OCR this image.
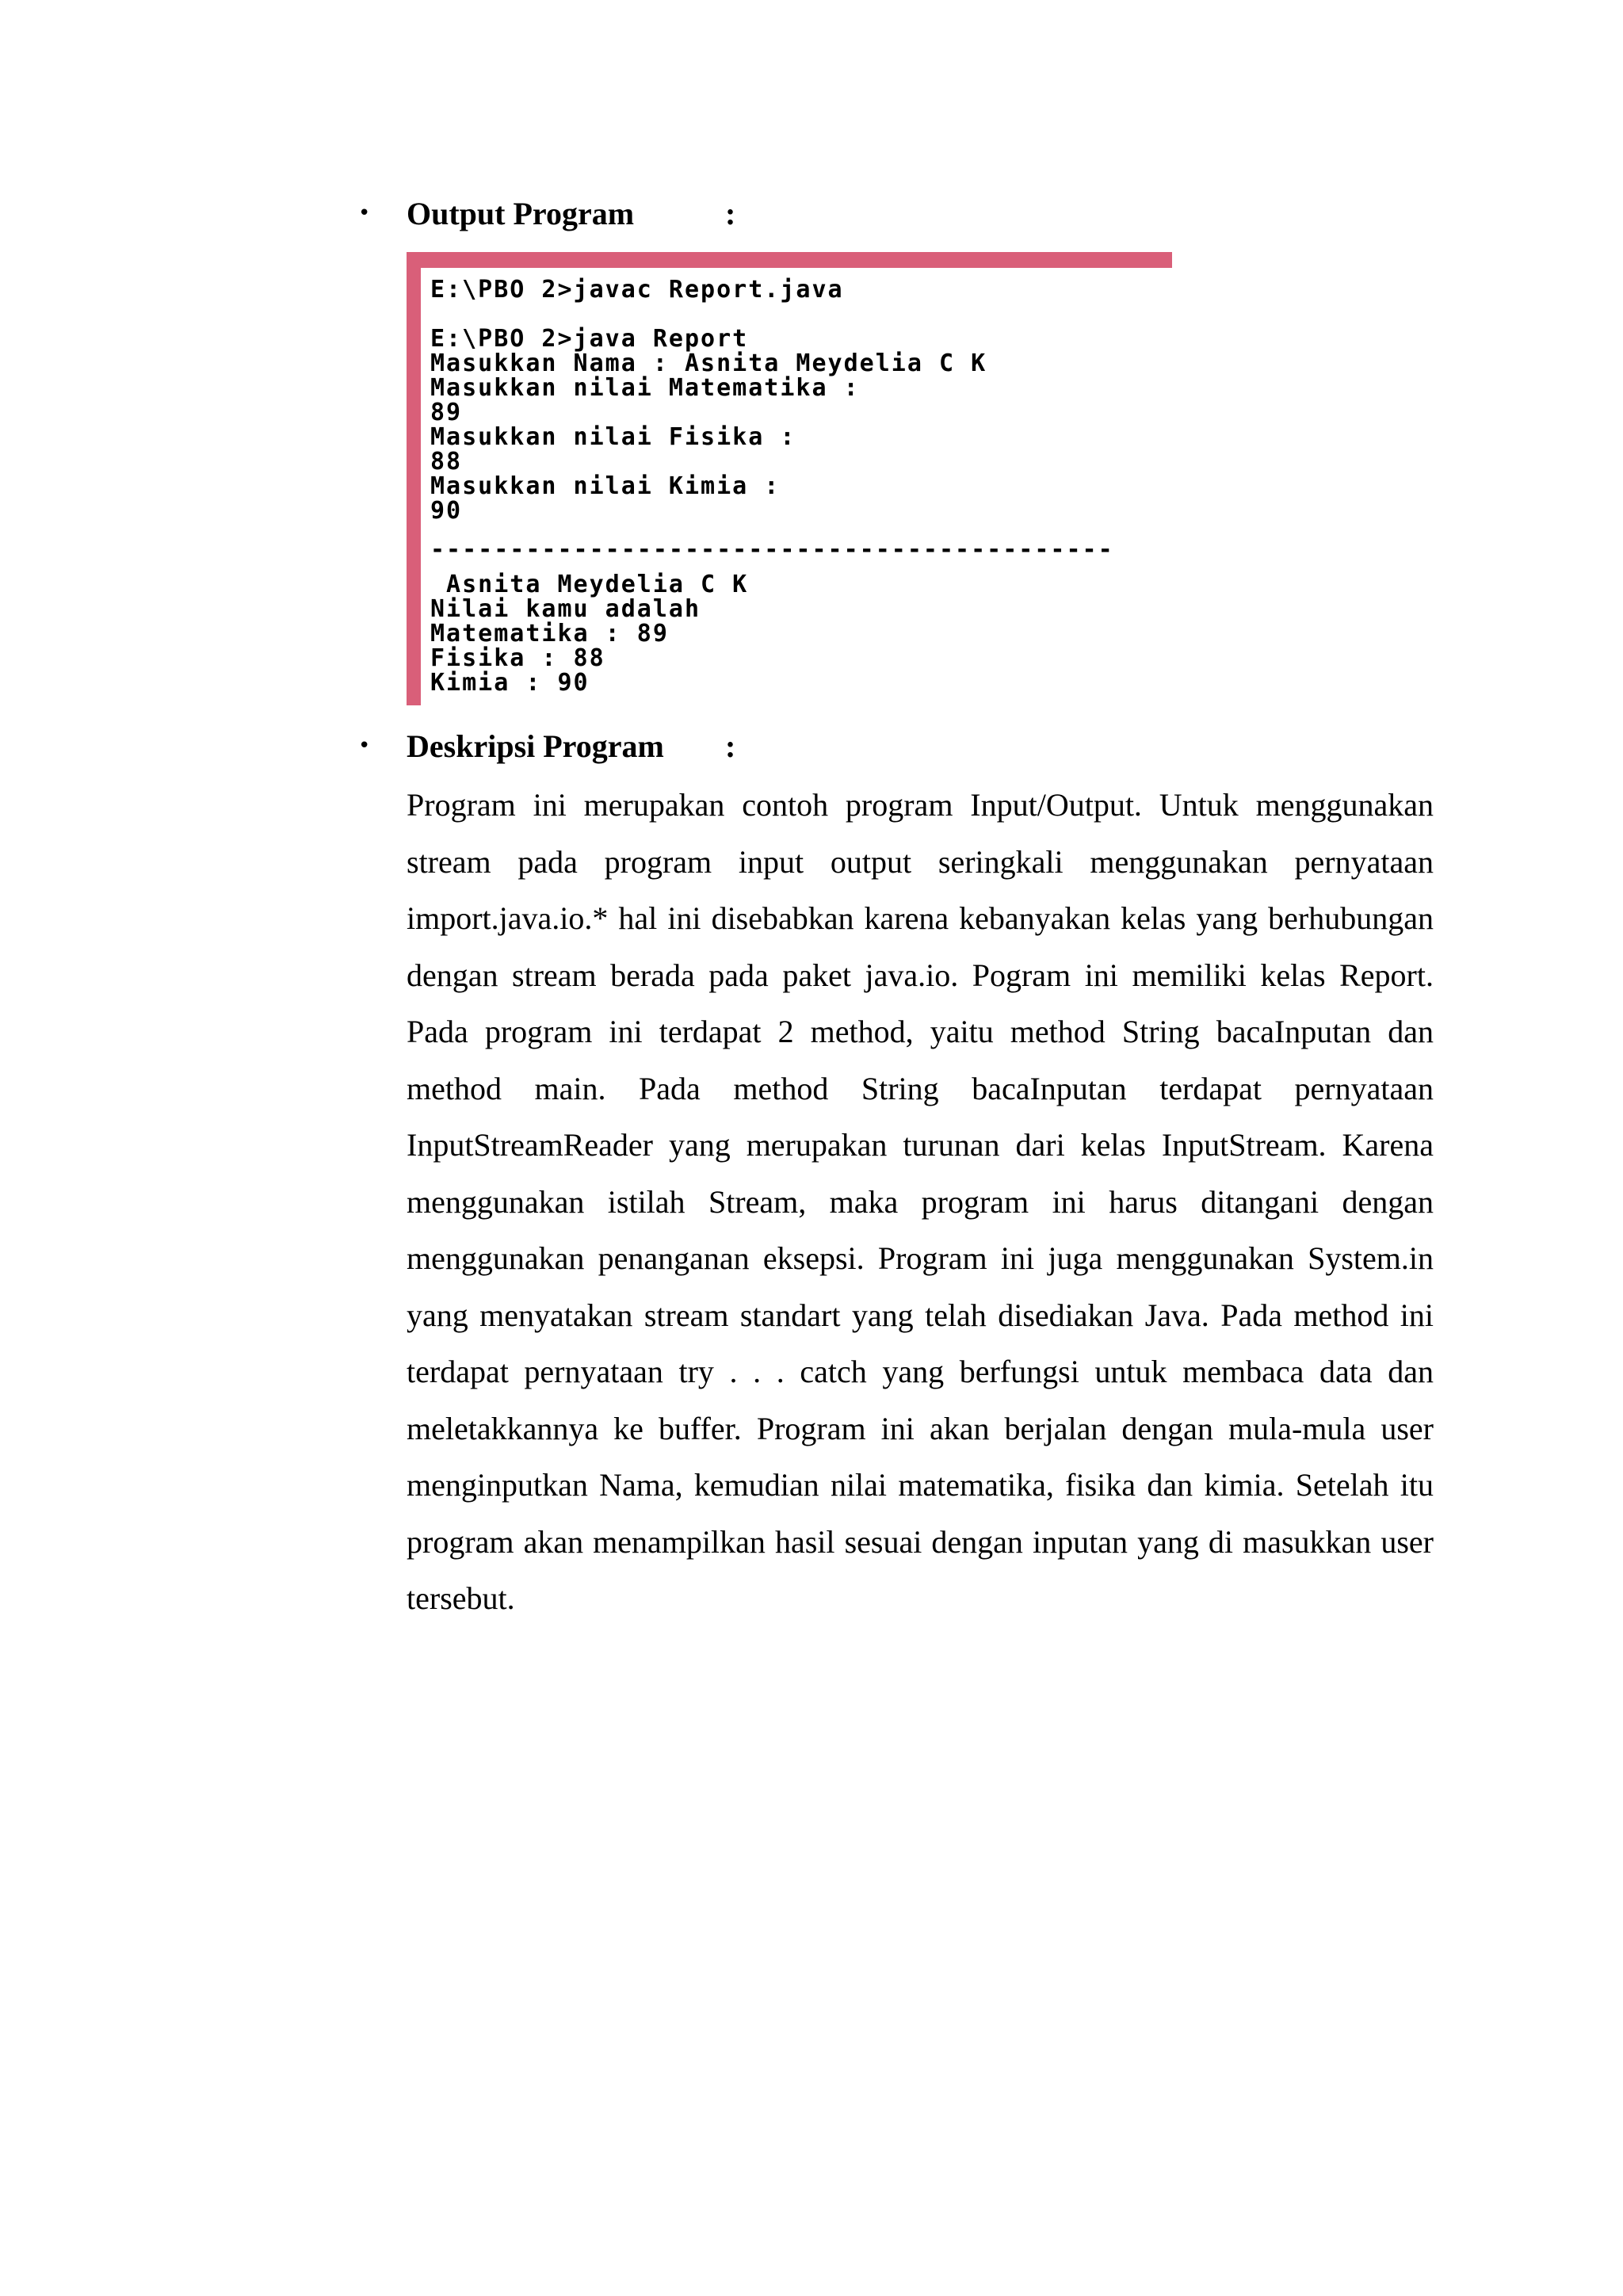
• Output Program	:
E:\PBO 2>javac Report.java
E:\PBO 2>java Report
Masukkan Nama : Asnita Meydelia C K
Masukkan nilai Matematika :
89
Masukkan nilai Fisika :
88
Masukkan nilai Kimia :
90
-------------------------------------------
Asnita Meydelia C K
Nilai kamu adalah
Matematika : 89
Fisika : 88
Kimia : 90
• Deskripsi Program :

Program ini merupakan contoh program Input/Output. Untuk menggunakan stream pada program input output seringkali menggunakan pernyataan import.java.io.* hal ini disebabkan karena kebanyakan kelas yang berhubungan dengan stream berada pada paket java.io. Pogram ini memiliki kelas Report. Pada program ini terdapat 2 method, yaitu method String bacaInputan dan method main. Pada method String bacaInputan terdapat pernyataan InputStreamReader yang merupakan turunan dari kelas InputStream. Karena menggunakan istilah Stream, maka program ini harus ditangani dengan menggunakan penanganan eksepsi. Program ini juga menggunakan System.in yang menyatakan stream standart yang telah disediakan Java. Pada method ini terdapat pernyataan try . . . catch yang berfungsi untuk membaca data dan meletakkannya ke buffer. Program ini akan berjalan dengan mula-mula user menginputkan Nama, kemudian nilai matematika, fisika dan kimia. Setelah itu program akan menampilkan hasil sesuai dengan inputan yang di masukkan user tersebut.
